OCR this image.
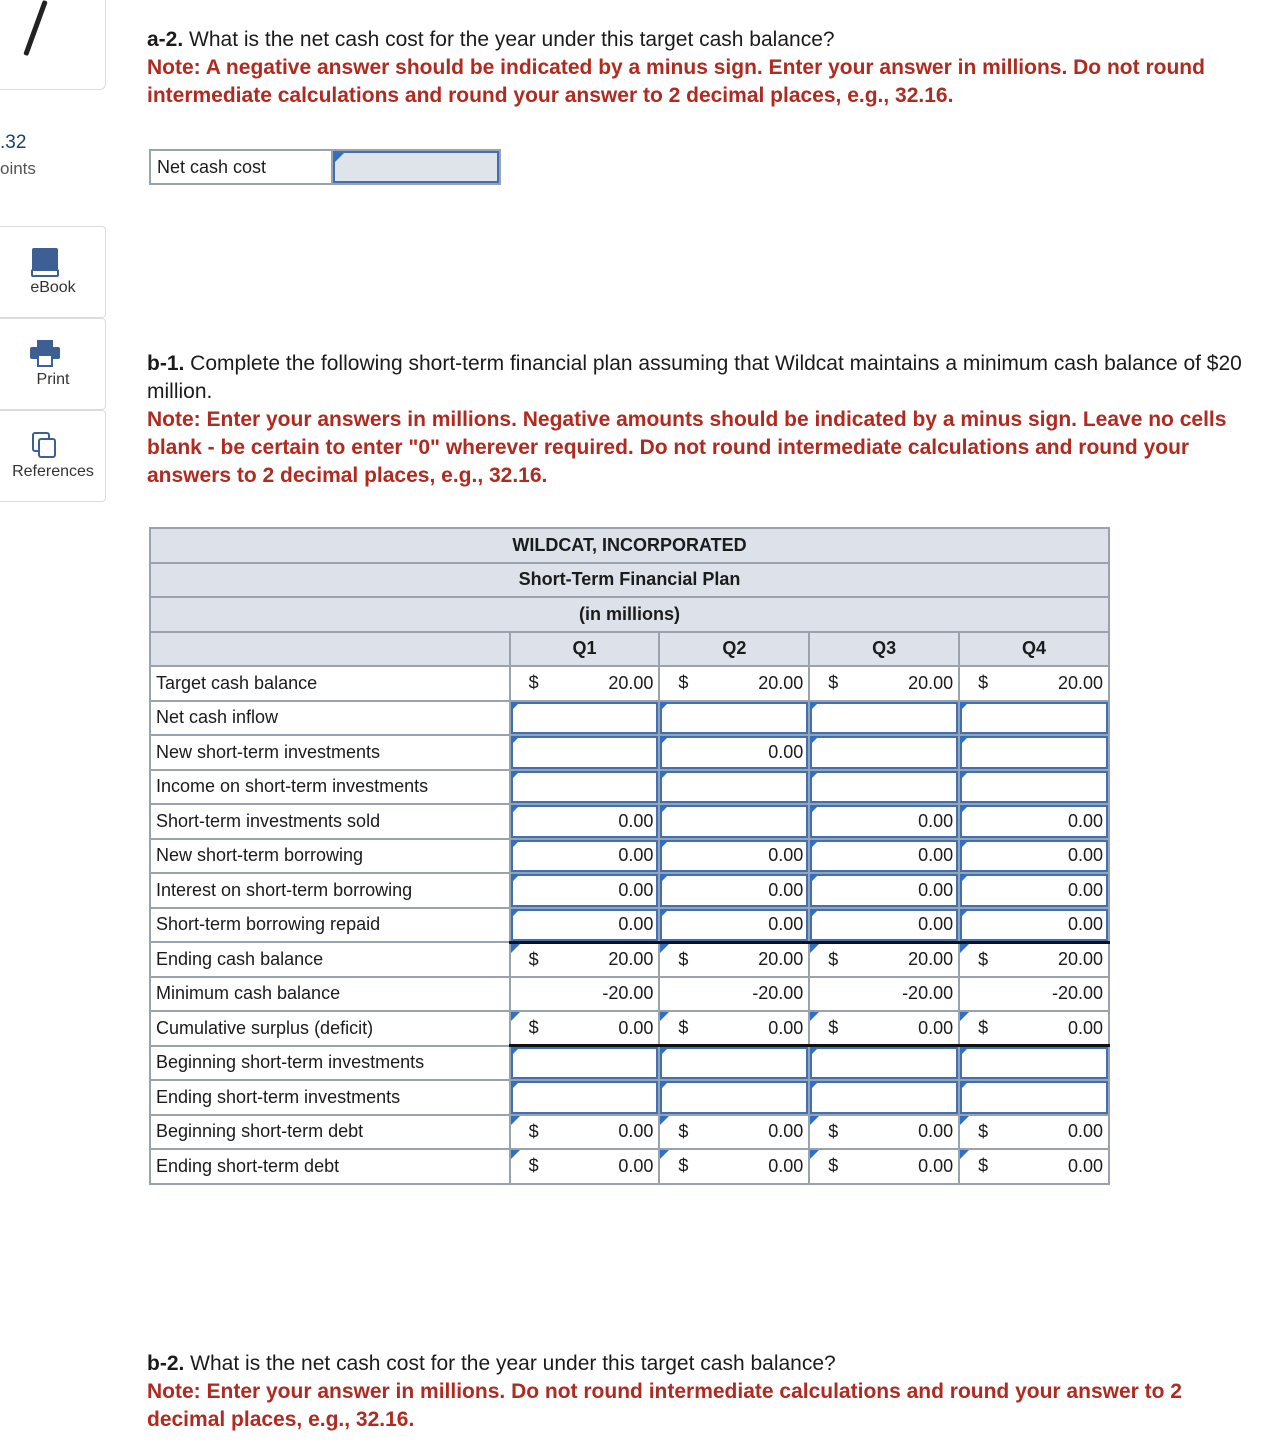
.32
oints
eBook
Print
References
a-2. What is the net cash cost for the year under this target cash balance?
Note: A negative answer should be indicated by a minus sign. Enter your answer in millions. Do not round intermediate calculations and round your answer to 2 decimal places, e.g., 32.16.
Net cash cost
b-1. Complete the following short-term financial plan assuming that Wildcat maintains a minimum cash balance of $20 million.
Note: Enter your answers in millions. Negative amounts should be indicated by a minus sign. Leave no cells blank - be certain to enter "0" wherever required. Do not round intermediate calculations and round your answers to 2 decimal places, e.g., 32.16.
WILDCAT, INCORPORATED				
Short-Term Financial Plan				
(in millions)				
	Q1	Q2	Q3	Q4
Target cash balance	$ 20.00	$ 20.00	$ 20.00	$ 20.00
Net cash inflow	

New short-term investments		0.00	

Income on short-term investments	

Short-term investments sold	0.00		0.00	0.00
New short-term borrowing	0.00	0.00	0.00	0.00
Interest on short-term borrowing	0.00	0.00	0.00	0.00
Short-term borrowing repaid	0.00	0.00	0.00	0.00
Ending cash balance	$ 20.00	$ 20.00	$ 20.00	$ 20.00
Minimum cash balance	-20.00	-20.00	-20.00	-20.00
Cumulative surplus (deficit)	$ 0.00	$ 0.00	$ 0.00	$ 0.00
Beginning short-term investments	

Ending short-term investments	

Beginning short-term debt	$ 0.00	$ 0.00	$ 0.00	$ 0.00
Ending short-term debt	$ 0.00	$ 0.00	$ 0.00	$ 0.00
b-2. What is the net cash cost for the year under this target cash balance?
Note: Enter your answer in millions. Do not round intermediate calculations and round your answer to 2 decimal places, e.g., 32.16.
